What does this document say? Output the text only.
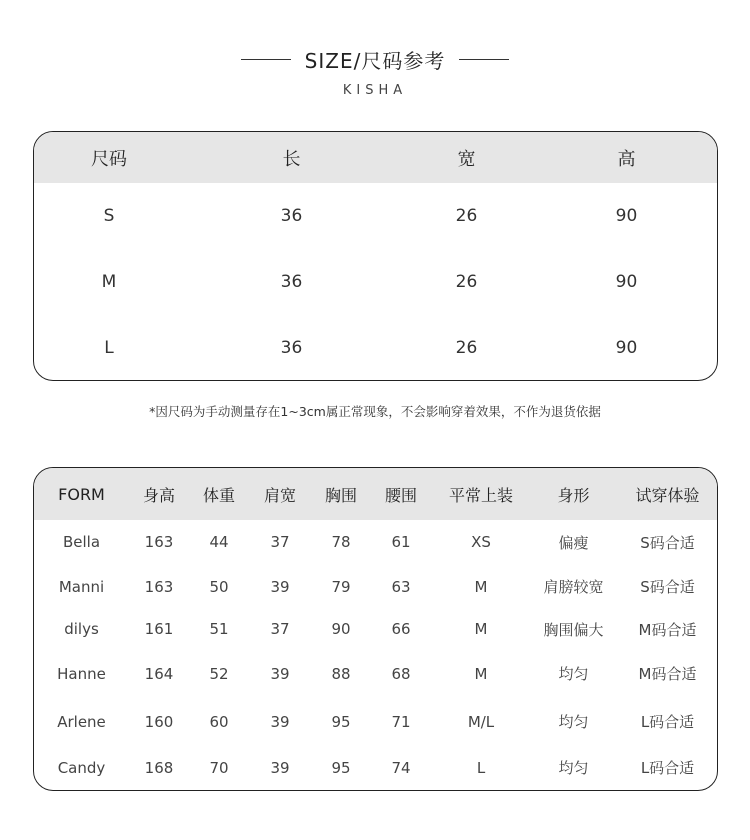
SIZE/尺码参考
KISHA
尺码	长	宽	高
S	36	26	90
M	36	26	90
L	36	26	90
*因尺码为手动测量存在1~3cm属正常现象，不会影响穿着效果，不作为退货依据
FORM	身高	体重	肩宽	胸围	腰围	平常上装	身形	试穿体验
Bella	163	44	37	78	61	XS	偏瘦	S码合适
Manni	163	50	39	79	63	M	肩膀较宽	S码合适
dilys	161	51	37	90	66	M	胸围偏大	M码合适
Hanne	164	52	39	88	68	M	均匀	M码合适
Arlene	160	60	39	95	71	M/L	均匀	L码合适
Candy	168	70	39	95	74	L	均匀	L码合适
